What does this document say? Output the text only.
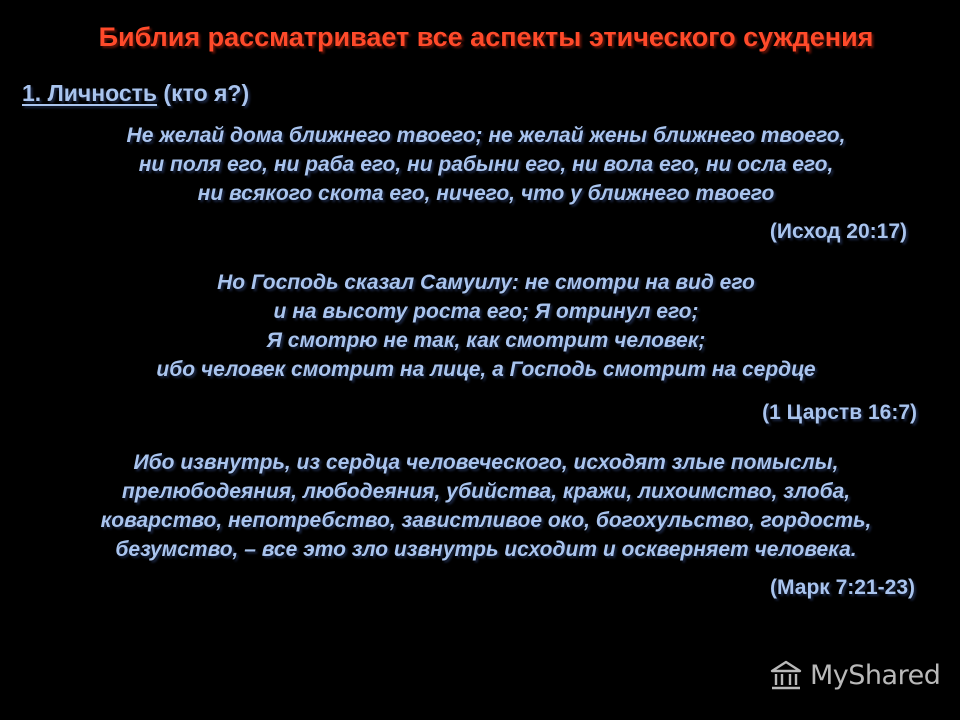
Библия рассматривает все аспекты этического суждения
1. Личность (кто я?)
Не желай дома ближнего твоего; не желай жены ближнего твоего,
ни поля его, ни раба его, ни рабыни его, ни вола его, ни осла его,
ни всякого скота его, ничего, что у ближнего твоего
(Исход 20:17)
Но Господь сказал Самуилу: не смотри на вид его
и на высоту роста его; Я отринул его;
Я смотрю не так, как смотрит человек;
ибо человек смотрит на лице, а Господь смотрит на сердце
(1 Царств 16:7)
Ибо извнутрь, из сердца человеческого, исходят злые помыслы,
прелюбодеяния, любодеяния, убийства, кражи, лихоимство, злоба,
коварство, непотребство, завистливое око, богохульство, гордость,
безумство, – все это зло извнутрь исходит и оскверняет человека.
(Марк 7:21-23)
MyShared
